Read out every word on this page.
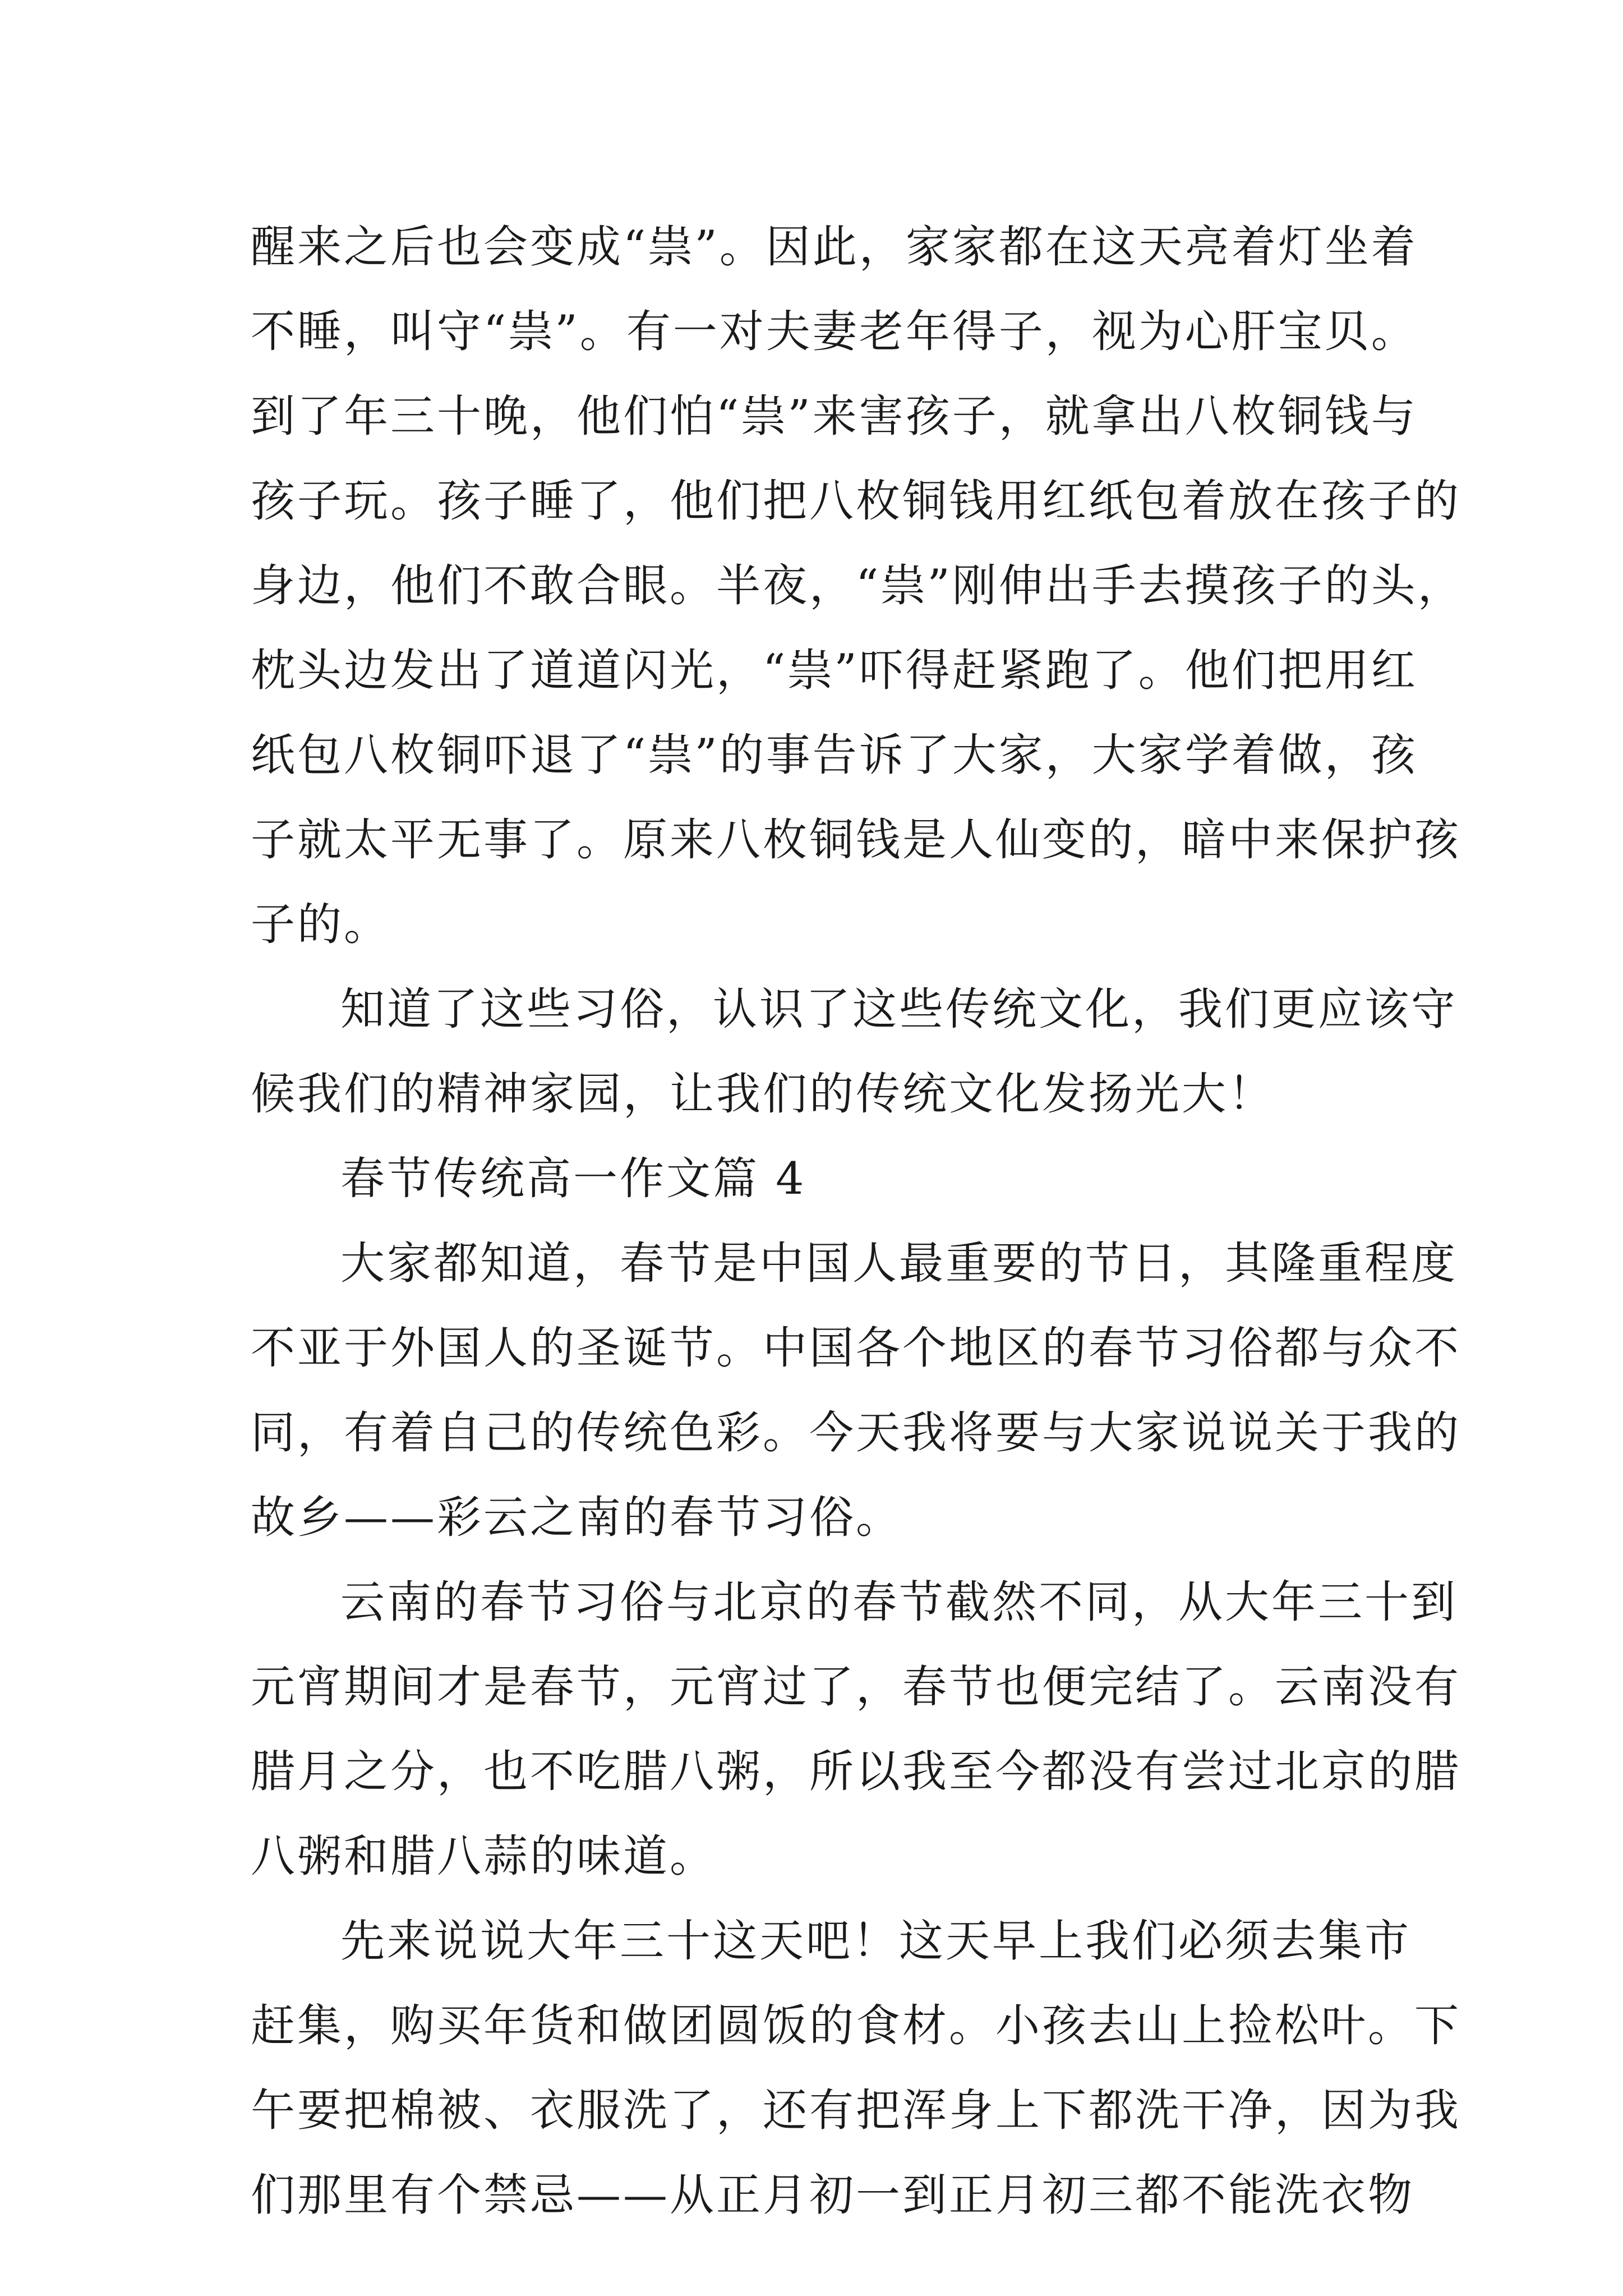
醒来之后也会变成“祟”。因此，家家都在这天亮着灯坐着
不睡，叫守“祟”。有一对夫妻老年得子，视为心肝宝贝。
到了年三十晚，他们怕“祟”来害孩子，就拿出八枚铜钱与
孩子玩。孩子睡了，他们把八枚铜钱用红纸包着放在孩子的
身边，他们不敢合眼。半夜，“祟”刚伸出手去摸孩子的头，
枕头边发出了道道闪光，“祟”吓得赶紧跑了。他们把用红
纸包八枚铜吓退了“祟”的事告诉了大家，大家学着做，孩
子就太平无事了。原来八枚铜钱是人仙变的，暗中来保护孩
子的。
知道了这些习俗，认识了这些传统文化，我们更应该守
候我们的精神家园，让我们的传统文化发扬光大！
春节传统高一作文篇 4
大家都知道，春节是中国人最重要的节日，其隆重程度
不亚于外国人的圣诞节。中国各个地区的春节习俗都与众不
同，有着自己的传统色彩。今天我将要与大家说说关于我的
故乡——彩云之南的春节习俗。
云南的春节习俗与北京的春节截然不同，从大年三十到
元宵期间才是春节，元宵过了，春节也便完结了。云南没有
腊月之分，也不吃腊八粥，所以我至今都没有尝过北京的腊
八粥和腊八蒜的味道。
先来说说大年三十这天吧！这天早上我们必须去集市
赶集，购买年货和做团圆饭的食材。小孩去山上捡松叶。下
午要把棉被、衣服洗了，还有把浑身上下都洗干净，因为我
们那里有个禁忌——从正月初一到正月初三都不能洗衣物
